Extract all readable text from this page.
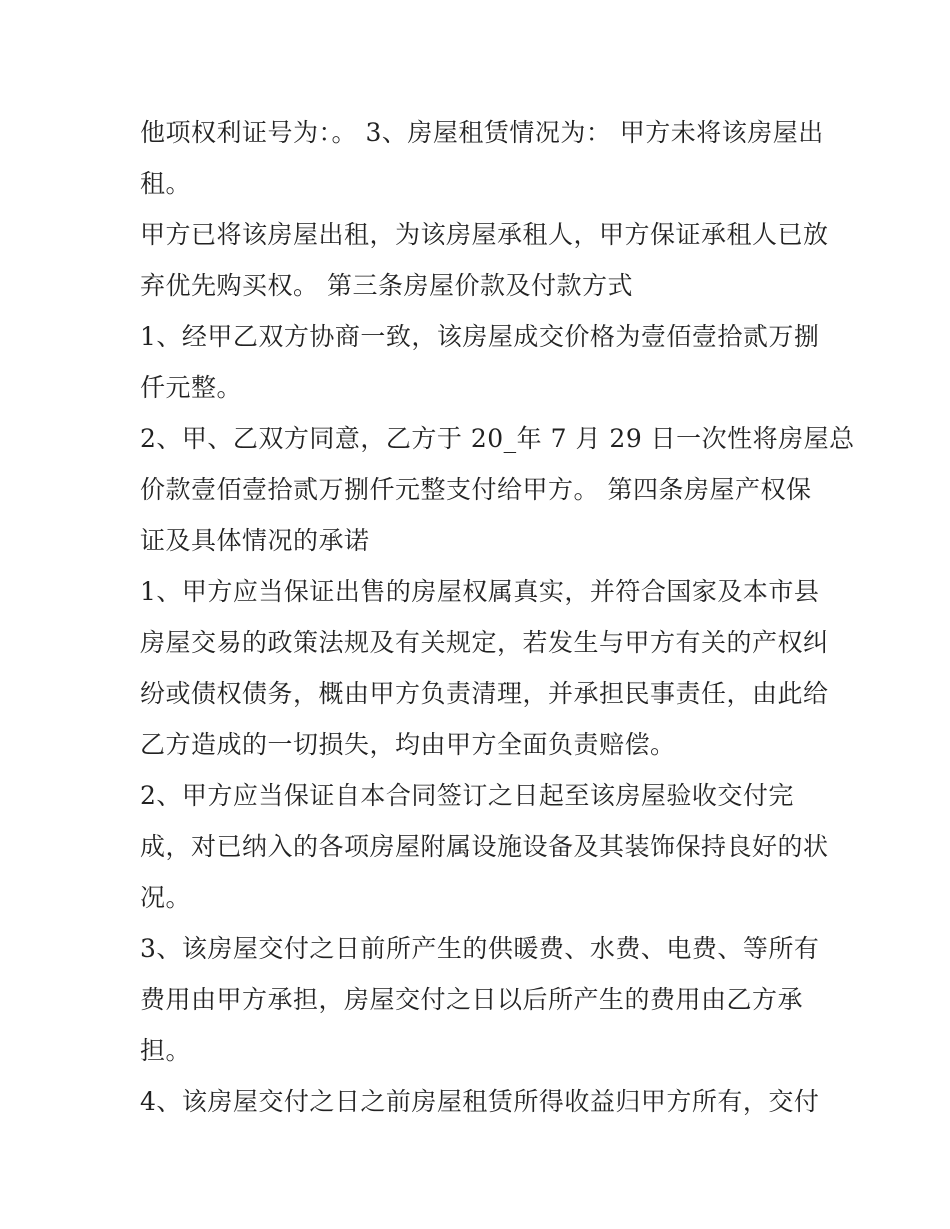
他项权利证号为：。 3、房屋租赁情况为： 甲方未将该房屋出
租。
甲方已将该房屋出租，为该房屋承租人，甲方保证承租人已放
弃优先购买权。 第三条房屋价款及付款方式
1、经甲乙双方协商一致，该房屋成交价格为壹佰壹拾贰万捌
仟元整。
2、甲、乙双方同意，乙方于 20_年 7 月 29 日一次性将房屋总
价款壹佰壹拾贰万捌仟元整支付给甲方。 第四条房屋产权保
证及具体情况的承诺
1、甲方应当保证出售的房屋权属真实，并符合国家及本市县
房屋交易的政策法规及有关规定，若发生与甲方有关的产权纠
纷或债权债务，概由甲方负责清理，并承担民事责任，由此给
乙方造成的一切损失，均由甲方全面负责赔偿。
2、甲方应当保证自本合同签订之日起至该房屋验收交付完
成，对已纳入的各项房屋附属设施设备及其装饰保持良好的状
况。
3、该房屋交付之日前所产生的供暖费、水费、电费、等所有
费用由甲方承担，房屋交付之日以后所产生的费用由乙方承
担。
4、该房屋交付之日之前房屋租赁所得收益归甲方所有，交付
